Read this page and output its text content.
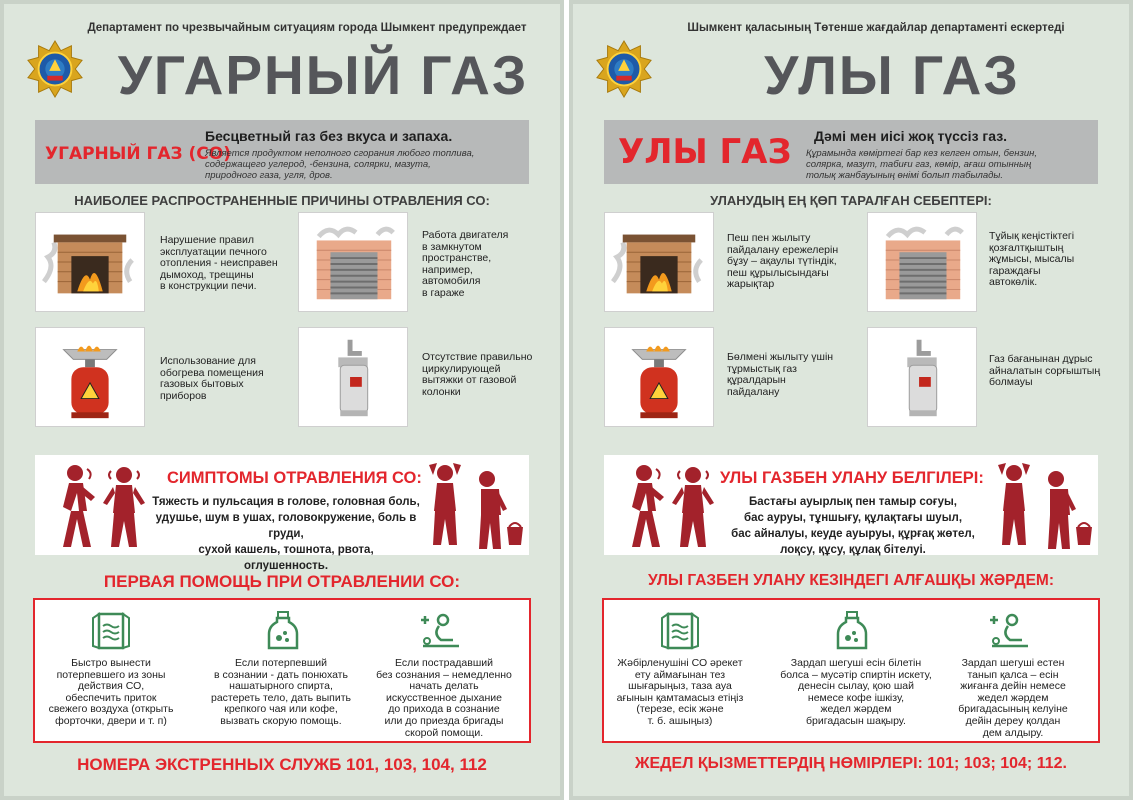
Департамент по чрезвычайным ситуациям города Шымкент предупреждает
УГАРНЫЙ ГАЗ
УГАРНЫЙ ГАЗ (СО)
Бесцветный газ без вкуса и запаха.
Является продуктом неполного сгорания любого топлива,
содержащего углерод, -бензина, солярки, мазута,
природного газа, угля, дров.
НАИБОЛЕЕ РАСПРОСТРАНЕННЫЕ ПРИЧИНЫ ОТРАВЛЕНИЯ СО:
Нарушение правил
эксплуатации печного
отопления - неисправен
дымоход, трещины
в конструкции печи.
Работа двигателя
в замкнутом
пространстве,
например,
автомобиля
в гараже
Использование для
обогрева помещения
газовых бытовых
приборов
Отсутствие правильно
циркулирующей
вытяжки от газовой
колонки
СИМПТОМЫ ОТРАВЛЕНИЯ СО:
Тяжесть и пульсация в голове, головная боль,
удушье, шум в ушах, головокружение, боль в груди,
сухой кашель, тошнота, рвота,
оглушенность.
ПЕРВАЯ ПОМОЩЬ ПРИ ОТРАВЛЕНИИ СО:
Быстро вынести
потерпевшего из зоны
действия СО,
обеспечить приток
свежего воздуха (открыть
форточки, двери и т. п)
Если потерпевший
в сознании - дать понюхать
нашатырного спирта,
растереть тело, дать выпить
крепкого чая или кофе,
вызвать скорую помощь.
Если пострадавший
без сознания – немедленно
начать делать
искусственное дыхание
до прихода в сознание
или до приезда бригады
скорой помощи.
НОМЕРА ЭКСТРЕННЫХ СЛУЖБ 101, 103, 104, 112
Шымкент қаласының Төтенше жағдайлар департаменті ескертеді
УЛЫ ГАЗ
УЛЫ ГАЗ Дәмі мен иісі жоқ түссіз газ.
Құрамында көміртегі бар кез келген отын, бензин,
солярка, мазут, табиғи газ, көмір, ағаш отынның
толық жанбауының өнімі болып табылады.
УЛАНУДЫҢ ЕҢ ҚӨП ТАРАЛҒАН СЕБЕПТЕРІ:
Пеш пен жылыту
пайдалану ережелерін
бұзу – ақаулы түтіндік,
пеш құрылысындағы
жарықтар
Тұйық кеңістіктегі
қозғалтқыштың
жұмысы, мысалы
гараждағы
автокөлік.
Бөлмені жылыту үшін
тұрмыстық газ
құралдарын
пайдалану
Газ бағанынан дұрыс
айналатын сорғыштың
болмауы
УЛЫ ГАЗБЕН УЛАНУ БЕЛГІЛЕРІ:
Бастағы ауырлық пен тамыр соғуы,
бас ауруы, тұншығу, құлақтағы шуыл,
бас айналуы, кеуде ауыруы, құрғақ жөтел,
лоқсу, құсу, құлақ бітелуі.
УЛЫ ГАЗБЕН УЛАНУ КЕЗІНДЕГІ АЛҒАШҚЫ ЖӘРДЕМ:
Жәбірленушіні СО әрекет
ету аймағынан тез
шығарыңыз, таза ауа
ағынын қамтамасыз етіңіз
(терезе, есік және
т. б. ашыңыз)
Зардап шегуші есін білетін
болса – мусәтір спиртін искету,
денесін сылау, қою шай
немесе кофе ішкізу,
жедел жәрдем
бригадасын шақыру.
Зардап шегуші естен
танып қалса – есін
жиғанға дейін немесе
жедел жәрдем
бригадасының келуіне
дейін дереу қолдан
дем алдыру.
ЖЕДЕЛ ҚЫЗМЕТТЕРДІҢ НӨМІРЛЕРІ: 101; 103; 104; 112.
